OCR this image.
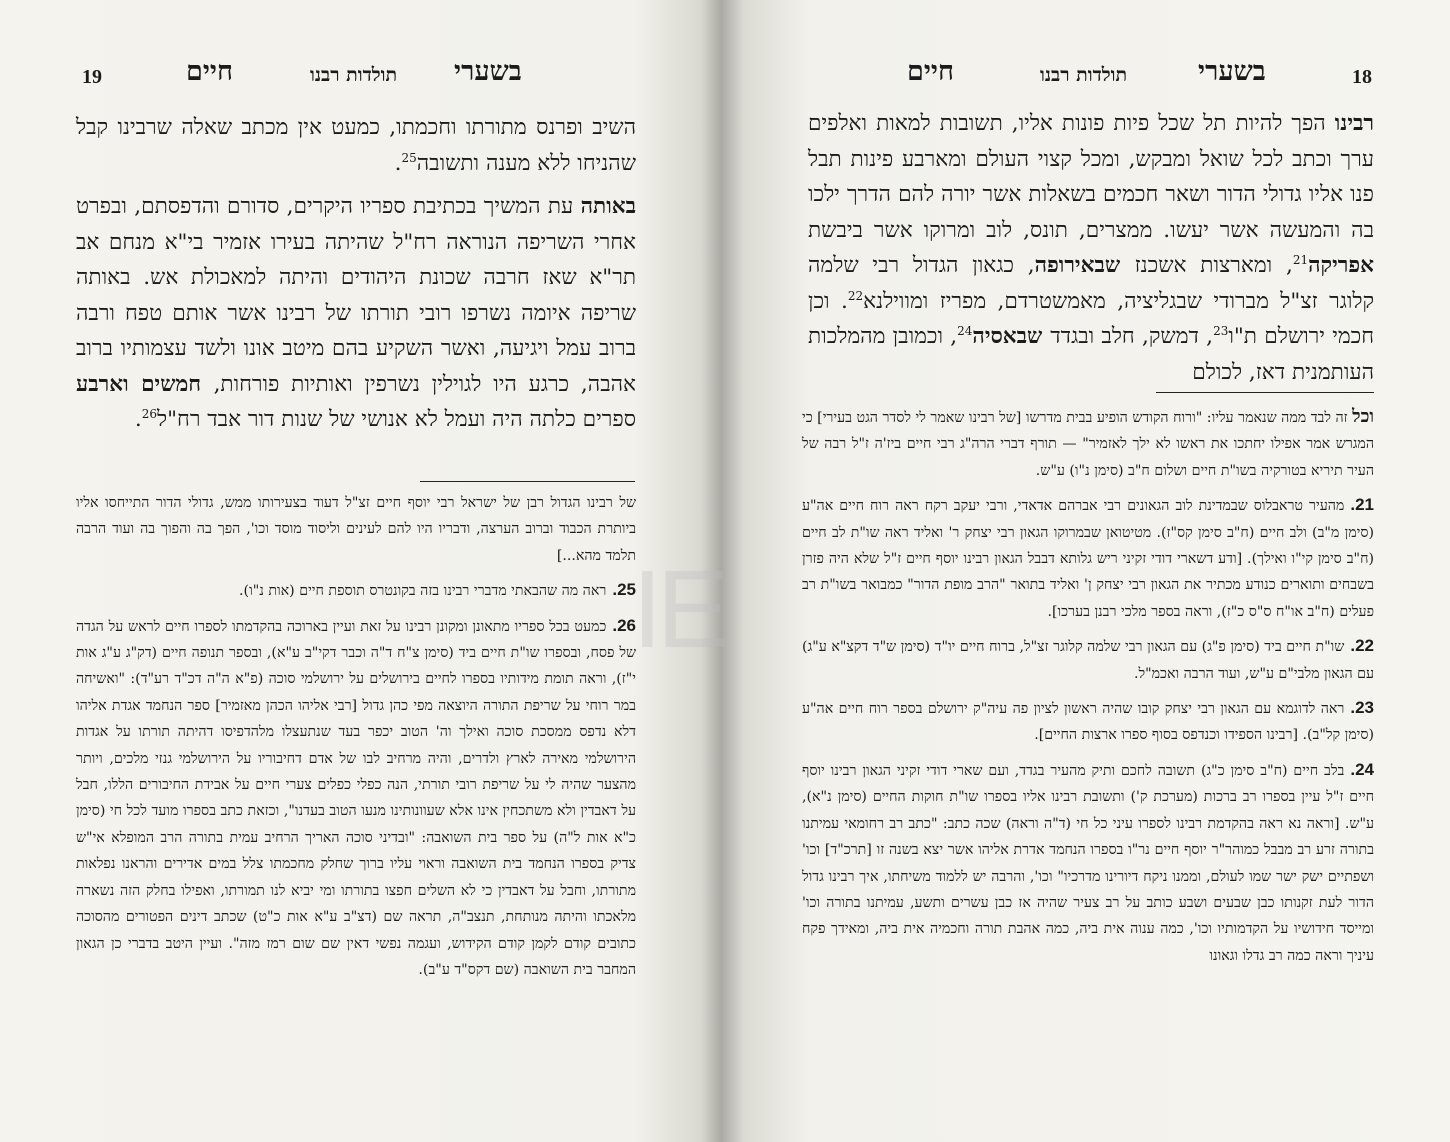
19	חיים	תולדות רבנו בשערי

השיב ופרנס מתורתו וחכמתו, כמעט אין מכתב שאלה שרבינו קבל שהניחו ללא מענה ותשובה$^{25}$.

באותה עת המשיך בכתיבת ספריו היקרים, סדורם והדפסתם, ובפרט אחרי השריפה הנוראה רח"ל שהיתה בעירו אזמיר בי"א מנחם אב תר"א שאז חרבה שכונת היהודים והיתה למאכולת אש. באותה שריפה איומה נשרפו רובי תורתו של רבינו אשר אותם טפח ורבה ברוב עמל ויגיעה, ואשר השקיע בהם מיטב אונו ולשד עצמותיו ברוב אהבה, כרגע היו לגוילין נשרפין ואותיות פורחות, חמשים וארבע ספרים כלתה היה ועמל לא אנושי של שנות דור אבד רח"ל$^{26}$.

של רבינו הגדול רבן של ישראל רבי יוסף חיים זצ"ל דעוד בצעירותו ממש, גדולי הדור התייחסו אליו ביותרת הכבוד וברוב הערצה, ודבריו היו להם לעינים וליסוד מוסד וכו', הפך בה והפוך בה ועוד הרבה תלמד מהא...]

25.ראה מה שהבאתי מדברי רבינו בזה בקונטרס תוספת חיים (אות נ"ו).

26.כמעט בכל ספריו מתאונן ומקונן רבינו על זאת ועיין בארוכה בהקדמתו לספרו חיים לראש על הגדה של פסח, ובספרו שו"ת חיים ביד (סימן צ"ח ד"ה וכבר דקי"ב ע"א), ובספר תנופה חיים (דק"ג ע"ג אות י"ז), וראה תומת מידותיו בספרו לחיים בירושלים על ירושלמי סוכה (פ"א ה"ה דכ"ד רע"ד): "ואשיחה במר רוחי על שריפת התורה היוצאה מפי כהן גדול [רבי אליהו הכהן מאזמיר] ספר הנחמד אגדת אליהו דלא נדפס ממסכת סוכה ואילך וה' הטוב יכפר בעד שנתעצלו מלהדפיסו דהיתה תורתו על אגדות הירושלמי מאירה לארץ ולדרים, והיה מרחיב לבו של אדם דחיבוריו על הירושלמי גנזי מלכים, ויותר מהצער שהיה לי על שריפת רובי תורתי, הנה כפלי כפלים צערי חיים על אבידת החיבורים הללו, חבל על דאבדין ולא משתכחין אינו אלא שעוונותינו מנעו הטוב בעדנו", וכזאת כתב בספרו מועד לכל חי (סימן כ"א אות ל"ה) על ספר בית השואבה: "ובדיני סוכה האריך הרחיב עמית בתורה הרב המופלא אי"ש צדיק בספרו הנחמד בית השואבה וראוי עליו ברוך שחלק מחכמתו צלל במים אדירים והראנו נפלאות מתורתו, וחבל על דאבדין כי לא השלים חפצו בתורתו ומי יביא לנו תמורתו, ואפילו בחלק הזה נשארה מלאכתו והיתה מנותחת, תנצב"ה, תראה שם (דצ"ב ע"א אות כ"ט) שכתב דינים הפטורים מהסוכה כתובים קודם לקמן קודם הקידוש, ועגמה נפשי דאין שם שום רמז מזה". ועיין היטב בדברי כן הגאון המחבר בית השואבה (שם דקס"ד ע"ב).

חיים	תולדות רבנו	בשערי	18

רבינו הפך להיות תל שכל פיות פונות אליו, תשובות למאות ואלפים ערך וכתב לכל שואל ומבקש, ומכל קצוי העולם ומארבע פינות תבל פנו אליו גדולי הדור ושאר חכמים בשאלות אשר יורה להם הדרך ילכו בה והמעשה אשר יעשו. ממצרים, תונס, לוב ומרוקו אשר ביבשת אפריקה$^{21}$, ומארצות אשכנז שבאירופה, כגאון הגדול רבי שלמה קלוגר זצ"ל מברודי שבגליציה, מאמשטרדם, מפריז ומווילנא$^{22}$. וכן חכמי ירושלם ת"ו$^{23}$, דמשק, חלב ובגדד שבאסיה$^{24}$, וכמובן מהמלכות העותמנית דאז, לכולם

וכל זה לבד ממה שנאמר עליו: "ורוח הקודש הופיע בבית מדרשו [של רבינו שאמר לי לסדר הגט בעירי] כי המגרש אמר אפילו יחתכו את ראשו לא ילך לאזמיר" — תורף דברי הרה"ג רבי חיים ביז'ה ז"ל רבה של העיר תיריא בטורקיה בשו"ת חיים ושלום ח"ב (סימן נ"ו) ע"ש.

21.מהעיר טראבלוס שבמדינת לוב הגאונים רבי אברהם אדאדי, ורבי יעקב רקח ראה רוח חיים אה"ע (סימן מ"ב) ולב חיים (ח"ב סימן קס"ז). מטיטואן שבמרוקו הגאון רבי יצחק ר' ואליד ראה שו"ת לב חיים (ח"ב סימן קי"ו ואילך). [ודע דשארי דודי זקיני ריש גלותא דבבל הגאון רבינו יוסף חיים ז"ל שלא היה פזרן בשבחים ותוארים כנודע מכתיר את הגאון רבי יצחק ן' ואליד בתואר "הרב מופת הדור" כמבואר בשו"ת רב פעלים (ח"ב או"ח ס"ס כ"ז), וראה בספר מלכי רבנן בערכו].

22.שו"ת חיים ביד (סימן פ"ג) עם הגאון רבי שלמה קלוגר זצ"ל, ברוח חיים יו"ד (סימן ש"ד דקצ"א ע"ג) עם הגאון מלבי"ם ע"ש, ועוד הרבה ואכמ"ל.

23.ראה לדוגמא עם הגאון רבי יצחק קובו שהיה ראשון לציון פה עיה"ק ירושלם בספר רוח חיים אה"ע (סימן קל"ב). [רבינו הספידו וכנדפס בסוף ספרו ארצות החיים].

24.בלב חיים (ח"ב סימן כ"ג) תשובה לחכם ותיק מהעיר בגדד, ועם שארי דודי זקיני הגאון רבינו יוסף חיים ז"ל עיין בספרו רב ברכות (מערכת ק') ותשובת רבינו אליו בספרו שו"ת חוקות החיים (סימן נ"א), ע"ש. [וראה נא ראה בהקדמת רבינו לספרו עיני כל חי (ד"ה וראה) שכה כתב: "כתב רב רחומאי עמיתנו בתורה זרע רב מבבל כמוהר"ר יוסף חיים נר"ו בספרו הנחמד אדרת אליהו אשר יצא בשנה זו [תרכ"ד] וכו' ושפתיים ישק ישר שמו לעולם, וממנו ניקח דיורינו מדרכיו" וכו', והרבה יש ללמוד משיחתו, איך רבינו גדול הדור לעת זקנותו כבן שבעים ושבע כותב על רב צעיר שהיה אז כבן עשרים ותשע, עמיתנו בתורה וכו' ומייסד חידושיו על הקדמותיו וכו', כמה ענוה אית ביה, כמה אהבת תורה וחכמיה אית ביה, ומאידך פקח עיניך וראה כמה רב גדלו וגאונו

IE
